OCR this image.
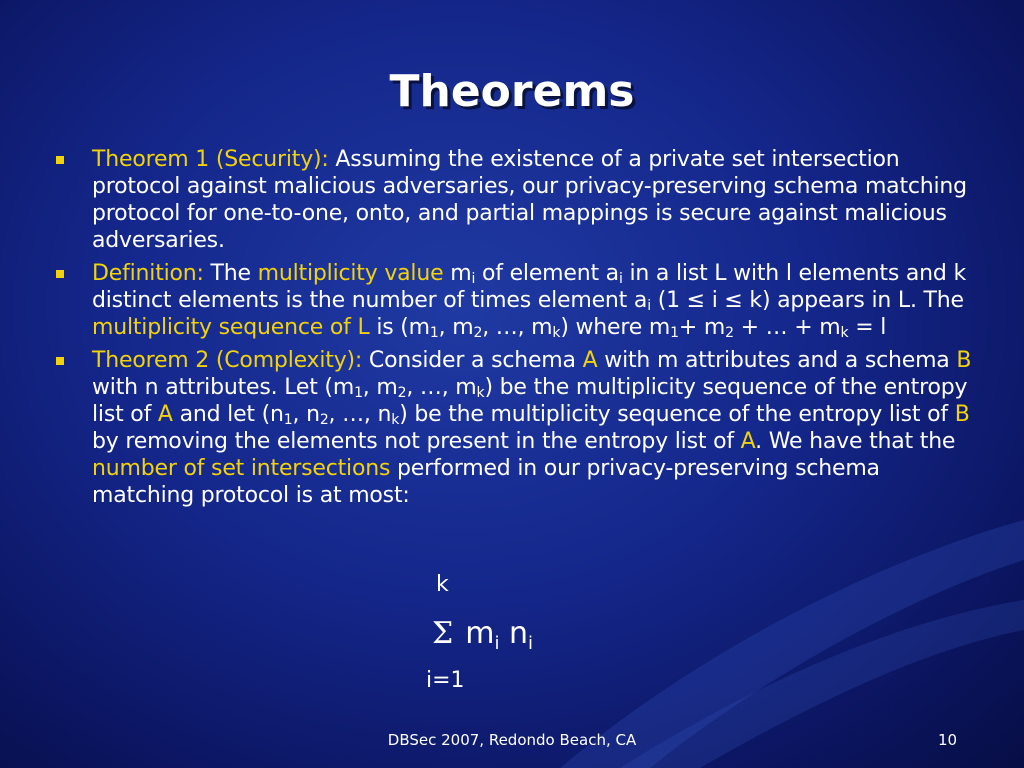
Theorems
Theorem 1 (Security): Assuming the existence of a private set intersection protocol against malicious adversaries, our privacy-preserving schema matching protocol for one-to-one, onto, and partial mappings is secure against malicious adversaries.
Definition: The multiplicity value $m_i$ of element $a_i$ in a list L with l elements and k distinct elements is the number of times element $a_i$ (1 ≤ i ≤ k) appears in L. The multiplicity sequence of L is ($m_1$, $m_2$, …, $m_k$) where $m_1+ m_2$ + … + $m_k = l$
Theorem 2 (Complexity): Consider a schema A with m attributes and a schema B with n attributes. Let ($m_1$, $m_2$, …, $m_k$) be the multiplicity sequence of the entropy list of A and let ($n_1$, $n_2$, …, $n_k$) be the multiplicity sequence of the entropy list of B by removing the elements not present in the entropy list of A. We have that the number of set intersections performed in our privacy-preserving schema matching protocol is at most:
k
Σ $m_i$ $n_i$
i=1
DBSec 2007, Redondo Beach, CA	10
